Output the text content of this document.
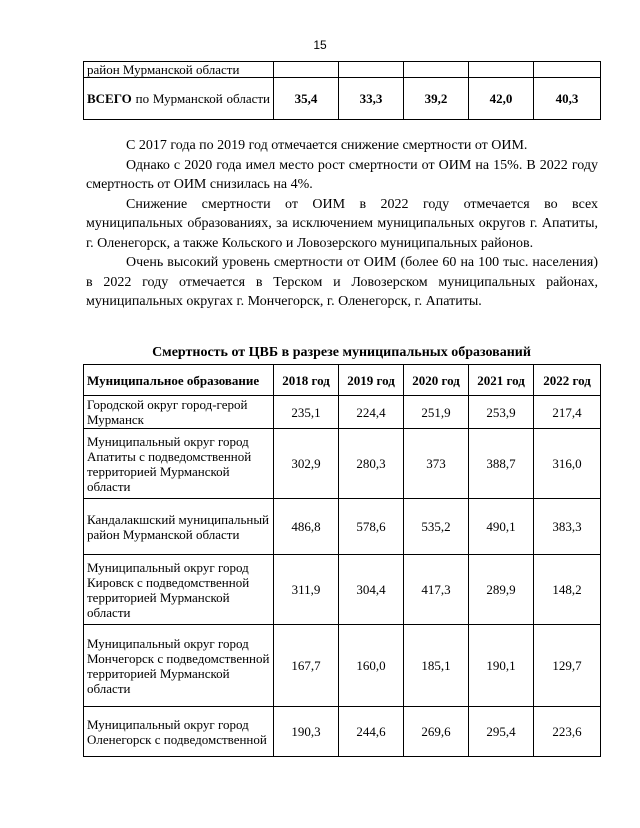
15
район Мурманской области					

ВСЕГО по Мурманской области	35,4	33,3	39,2	42,0	40,3

С 2017 года по 2019 год отмечается снижение смертности от ОИМ.

Однако с 2020 года имел место рост смертности от ОИМ на 15%. В 2022 году смертность от ОИМ снизилась на 4%.

Снижение смертности от ОИМ в 2022 году отмечается во всех муниципальных образованиях, за исключением муниципальных округов г. Апатиты, г. Оленегорск, а также Кольского и Ловозерского муниципальных районов.

Очень высокий уровень смертности от ОИМ (более 60 на 100 тыс. населения) в 2022 году отмечается в Терском и Ловозерском муниципальных районах, муниципальных округах г. Мончегорск, г. Оленегорск, г. Апатиты.

Смертность от ЦВБ в разрезе муниципальных образований
Муниципальное образование	2018 год	2019 год	2020 год	2021 год	2022 год
Городской округ город-герой Мурманск	235,1	224,4	251,9	253,9	217,4
Муниципальный округ город Апатиты с подведомственной территорией Мурманской области	302,9	280,3	373	388,7	316,0
Кандалакшский муниципальный район Мурманской области	486,8	578,6	535,2	490,1	383,3
Муниципальный округ город Кировск с подведомственной территорией Мурманской области	311,9	304,4	417,3	289,9	148,2
Муниципальный округ город Мончегорск с подведомственной территорией Мурманской области	167,7	160,0	185,1	190,1	129,7
Муниципальный округ город Оленегорск с подведомственной	190,3	244,6	269,6	295,4	223,6
